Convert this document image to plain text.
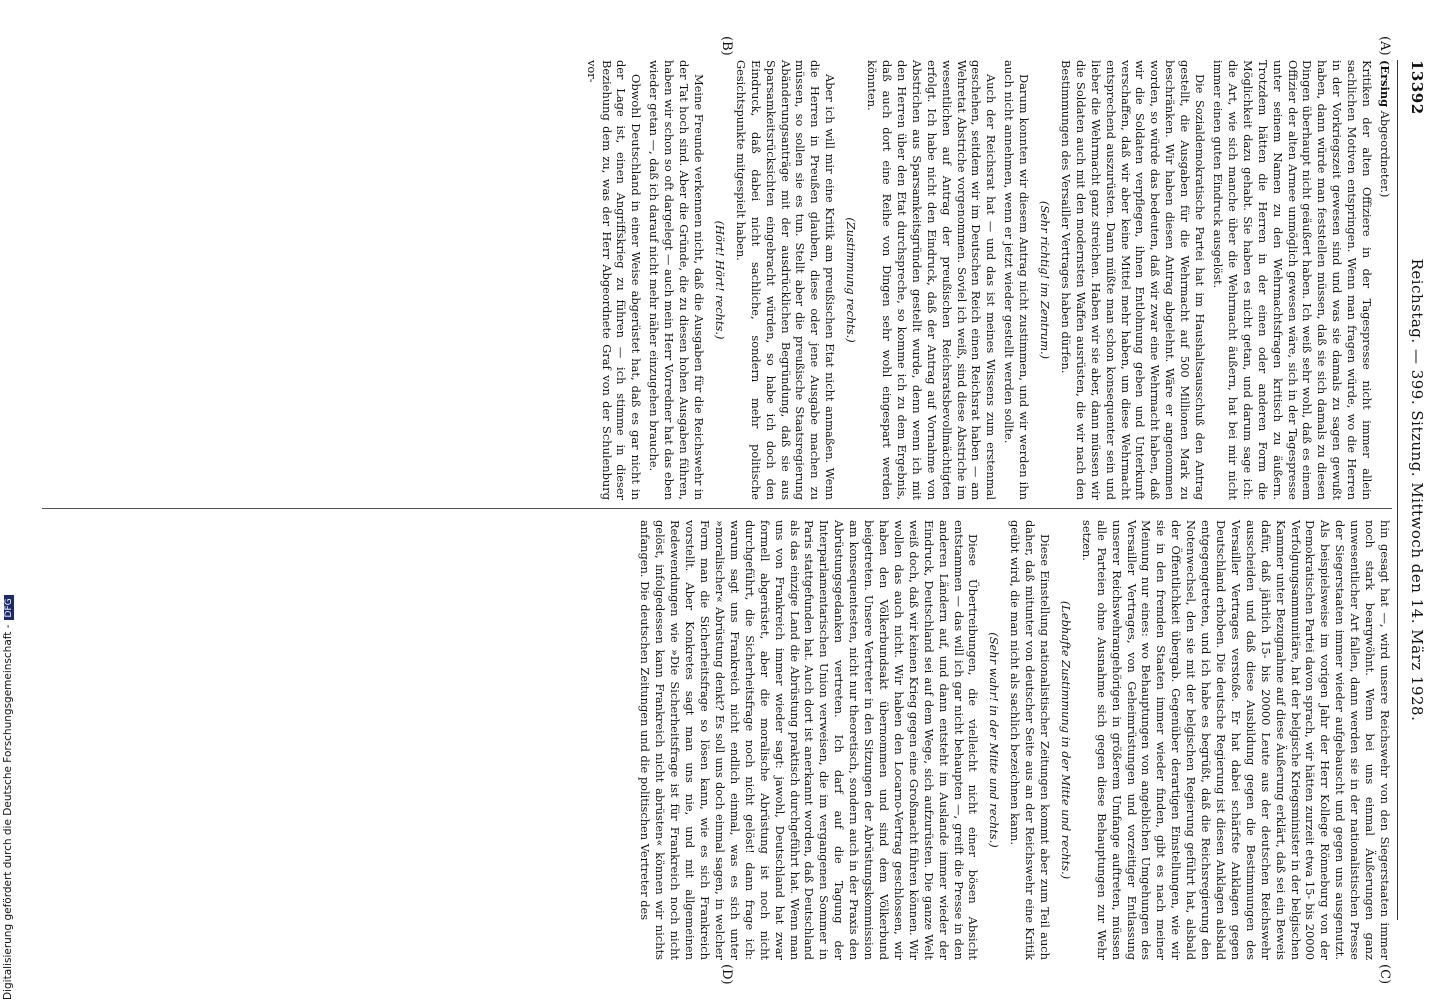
13392
Reichstag. — 399. Sitzung. Mittwoch den 14. März 1928.
(A)
(B)
(C)
(D)

(Ersing Abgeordneter.)

Kritiken der alten Offiziere in der Tagespresse nicht immer allein sachlichen Motiven entspringen. Wenn man fragen würde, wo die Herren in der Vorkriegszeit gewesen sind und was sie damals zu sagen gewußt haben, dann würde man feststellen müssen, daß sie sich damals zu diesen Dingen überhaupt nicht geäußert haben. Ich weiß sehr wohl, daß es einem Offizier der alten Armee unmöglich gewesen wäre, sich in der Tagespresse unter seinem Namen zu den Wehrmachtsfragen kritisch zu äußern. Trotzdem hätten die Herren in der einen oder anderen Form die Möglichkeit dazu gehabt. Sie haben es nicht getan, und darum sage ich: die Art, wie sich manche über die Wehrmacht äußern, hat bei mir nicht immer einen guten Eindruck ausgelöst.

Die Sozialdemokratische Partei hat im Haushaltsausschuß den Antrag gestellt, die Ausgaben für die Wehrmacht auf 500 Millionen Mark zu beschränken. Wir haben diesen Antrag abgelehnt. Wäre er angenommen worden, so würde das bedeuten, daß wir zwar eine Wehrmacht haben, daß wir die Soldaten verpflegen, ihnen Entlohnung geben und Unterkunft verschaffen, daß wir aber keine Mittel mehr haben, um diese Wehrmacht entsprechend auszurüsten. Dann müßte man schon konsequenter sein und lieber die Wehrmacht ganz streichen. Haben wir sie aber, dann müssen wir die Soldaten auch mit den modernsten Waffen ausrüsten, die wir nach den Bestimmungen des Versailler Vertrages haben dürfen.

(Sehr richtig! im Zentrum.)

Darum konnten wir diesem Antrag nicht zustimmen, und wir werden ihn auch nicht annehmen, wenn er jetzt wieder gestellt werden sollte.

Auch der Reichsrat hat — und das ist meines Wissens zum erstenmal geschehen, seitdem wir im Deutschen Reich einen Reichsrat haben — am Wehretat Abstriche vorgenommen. Soviel ich weiß, sind diese Abstriche im wesentlichen auf Antrag der preußischen Reichsratsbevollmächtigten erfolgt. Ich habe nicht den Eindruck, daß der Antrag auf Vornahme von Abstrichen aus Sparsamkeitsgründen gestellt wurde, denn wenn ich mit den Herren über den Etat durchspreche, so komme ich zu dem Ergebnis, daß auch dort eine Reihe von Dingen sehr wohl eingespart werden könnten.

(Zustimmung rechts.)

Aber ich will mir eine Kritik am preußischen Etat nicht anmaßen. Wenn die Herren in Preußen glauben, diese oder jene Ausgabe machen zu müssen, so sollen sie es tun. Stellt aber die preußische Staatsregierung Abänderungsanträge mit der ausdrücklichen Begründung, daß sie aus Sparsamkeitsrücksichten eingebracht würden, so habe ich doch den Eindruck, daß dabei nicht sachliche, sondern mehr politische Gesichtspunkte mitgespielt haben.

(Hört! Hört! rechts.)

Meine Freunde verkennen nicht, daß die Ausgaben für die Reichswehr in der Tat hoch sind. Aber die Gründe, die zu diesen hohen Ausgaben führen, haben wir schon so oft dargelegt — auch mein Herr Vorredner hat das eben wieder getan —, daß ich darauf nicht mehr näher einzugehen brauche.

Obwohl Deutschland in einer Weise abgerüstet hat, daß es gar nicht in der Lage ist, einen Angriffskrieg zu führen — ich stimme in dieser Beziehung dem zu, was der Herr Abgeordnete Graf von der Schulenburg vor-

hin gesagt hat —, wird unsere Reichswehr von den Siegerstaaten immer noch stark beargwöhnt. Wenn bei uns einmal Äußerungen ganz unwesentlicher Art fallen, dann werden sie in der nationalistischen Presse der Siegerstaaten immer wieder aufgebauscht und gegen uns ausgenutzt. Als beispielsweise im vorigen Jahr der Herr Kollege Rönneburg von der Demokratischen Partei davon sprach, wir hätten zurzeit etwa 15- bis 20000 Verfolgungsammunitäre, hat der belgische Kriegsminister in der belgischen Kammer unter Bezugnahme auf diese Äußerung erklärt, daß sei ein Beweis dafür, daß jährlich 15- bis 20000 Leute aus der deutschen Reichswehr ausscheiden und daß diese Ausbildung gegen die Bestimmungen des Versailler Vertrages verstoße. Er hat dabei schärfste Anklagen gegen Deutschland erhoben. Die deutsche Regierung ist diesen Anklagen alsbald entgegengetreten, und ich habe es begrüßt, daß die Reichsregierung den Notenwechsel, den sie mit der belgischen Regierung geführt hat, alsbald der Öffentlichkeit übergab. Gegenüber derartigen Einstellungen, wie wir sie in den fremden Staaten immer wieder finden, gibt es nach meiner Meinung nur eines: wo Behauptungen von angeblichen Umgehungen des Versailler Vertrages, von Geheimrüstungen und vorzeitiger Entlassung unserer Reichswehrangehörigen in größerem Umfange auftreten, müssen alle Parteien ohne Ausnahme sich gegen diese Behauptungen zur Wehr setzen.

(Lebhafte Zustimmung in der Mitte und rechts.)

Diese Einstellung nationalistischer Zeitungen kommt aber zum Teil auch daher, daß mitunter von deutscher Seite aus an der Reichswehr eine Kritik geübt wird, die man nicht als sachlich bezeichnen kann.

(Sehr wahr! in der Mitte und rechts.)

Diese Übertreibungen, die vielleicht nicht einer bösen Absicht entstammen — das will ich gar nicht behaupten —, greift die Presse in den anderen Ländern auf, und dann entsteht im Auslande immer wieder der Eindruck, Deutschland sei auf dem Wege, sich aufzurüsten. Die ganze Welt weiß doch, daß wir keinen Krieg gegen eine Großmacht führen können. Wir wollen das auch nicht. Wir haben den Locarno-Vertrag geschlossen, wir haben den Völkerbundsakt übernommen und sind dem Völkerbund beigetreten. Unsere Vertreter in den Sitzungen der Abrüstungskommission am konsequentesten, nicht nur theoretisch, sondern auch in der Praxis den Abrüstungsgedanken vertreten. Ich darf auf die Tagung der Interparlamentarischen Union verweisen, die im vergangenen Sommer in Paris stattgefunden hat. Auch dort ist anerkannt worden, daß Deutschland als das einzige Land die Abrüstung praktisch durchgeführt hat. Wenn man uns von Frankreich immer wieder sagt: jawohl, Deutschland hat zwar formell abgerüstet, aber die moralische Abrüstung ist noch nicht durchgeführt, die Sicherheitsfrage noch nicht gelöst! dann frage ich: warum sagt uns Frankreich nicht endlich einmal, was es sich unter »moralischer« Abrüstung denkt? Es soll uns doch einmal sagen, in welcher Form man die Sicherheitsfrage so lösen kann, wie es sich Frankreich vorstellt. Aber Konkretes sagt man uns nie, und mit allgemeinen Redewendungen wie »Die Sicherheitsfrage ist für Frankreich noch nicht gelöst, infolgedessen kann Frankreich nicht abrüsten« können wir nichts anfangen. Die deutschen Zeitungen und die politischen Vertreter des

Digitalisierung gefördert durch die Deutsche Forschungsgemeinschaft -DFG
